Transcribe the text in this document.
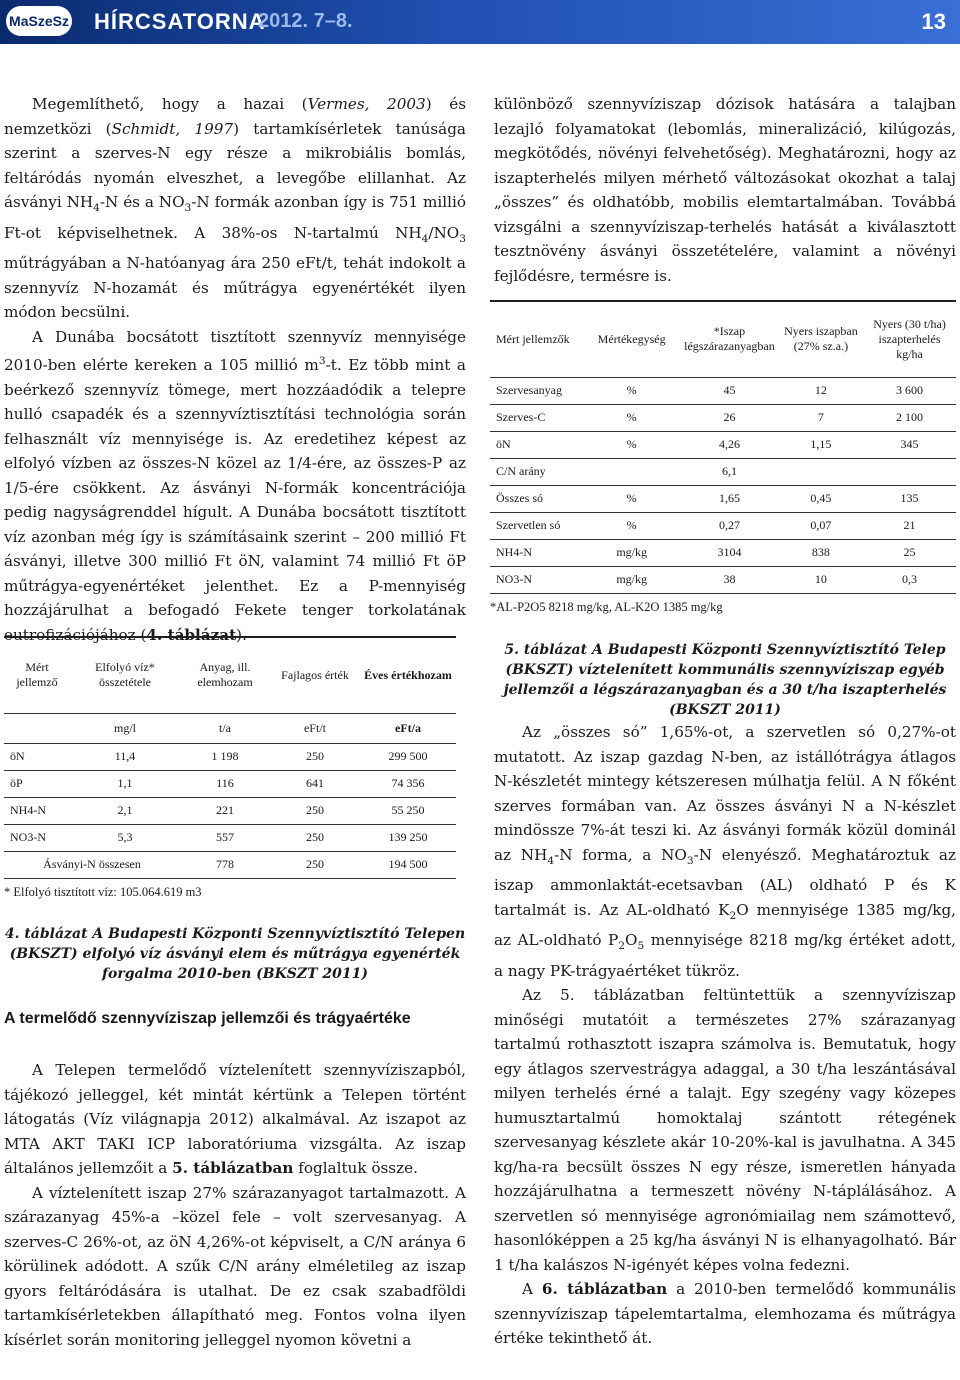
MaSzeSz HÍRCSATORNA
2012. 7–8.	13

Megemlíthető, hogy a hazai (Vermes, 2003) és nemzetközi (Schmidt, 1997) tartamkísérletek tanúsága szerint a szerves-N egy része a mikrobiális bomlás, feltáródás nyomán elveszhet, a levegőbe elillanhat. Az ásványi $NH_4-N$ és a $NO_3-N$ formák azonban így is 751 millió Ft-ot képviselhetnek. A 38%-os N-tartalmú $NH_4/NO_3$ műtrágyában a N-hatóanyag ára 250 eFt/t, tehát indokolt a szennyvíz N-hozamát és műtrágya egyenértékét ilyen módon becsülni.

A Dunába bocsátott tisztított szennyvíz mennyisége 2010-ben elérte kereken a 105 millió $m^3-t$. Ez több mint a beérkező szennyvíz tömege, mert hozzáadódik a telepre hulló csapadék és a szennyvíztisztítási technológia során felhasznált víz mennyisége is. Az eredetihez képest az elfolyó vízben az összes-N közel az 1/4-ére, az összes-P az 1/5-ére csökkent. Az ásványi N-formák koncentrációja pedig nagyságrenddel hígult. A Dunába bocsátott tisztított víz azonban még így is számításaink szerint – 200 millió Ft ásványi, illetve 300 millió Ft öN, valamint 74 millió Ft öP műtrágya-egyenértéket jelenthet. Ez a P-mennyiség hozzájárulhat a befogadó Fekete tenger torkolatának eutrofizációjához (4. táblázat).

különböző szennyvíziszap dózisok hatására a talajban lezajló folyamatokat (lebomlás, mineralizáció, kilúgozás, megkötődés, növényi felvehetőség). Meghatározni, hogy az iszapterhelés milyen mérhető változásokat okozhat a talaj „összes” és oldhatóbb, mobilis elemtartalmában. Továbbá vizsgálni a szennyvíziszap-terhelés hatását a kiválasztott tesztnövény ásványi összetételére, valamint a növényi fejlődésre, termésre is.

Mért jellemzők	Mértékegység	*Iszap légszárazanyagban	Nyers iszapban (27% sz.a.)	Nyers (30 t/ha) iszapterhelés kg/ha
Szervesanyag	%	45	12	3 600
Szerves-C	%	26	7	2 100
öN	%	4,26	1,15	345
C/N arány		6,1		
Összes só	%	1,65	0,45	135
Szervetlen só	%	0,27	0,07	21
NH4-N	mg/kg	3104	838	25
NO3-N	mg/kg	38	10	0,3
*AL-P2O5 8218 mg/kg, AL-K2O 1385 mg/kg
5. táblázat A Budapesti Központi Szennyvíztisztító Telep (BKSZT) víztelenített kommunális szennyvíziszap egyéb jellemzői a légszárazanyagban és a 30 t/ha iszapterhelés (BKSZT 2011)

Az „összes só” 1,65%-ot, a szervetlen só 0,27%-ot mutatott. Az iszap gazdag N-ben, az istállótrágya átlagos N-készletét mintegy kétszeresen múlhatja felül. A N főként szerves formában van. Az összes ásványi N a N-készlet mindössze 7%-át teszi ki. Az ásványi formák közül dominál az $NH_4-N$ forma, a $NO_3-N$ elenyésző. Meghatároztuk az iszap ammonlaktát-ecetsavban (AL) oldható P és K tartalmát is. Az AL-oldható $K_2O$ mennyisége 1385 mg/kg, az AL-oldható $P_2O_5$ mennyisége 8218 mg/kg értéket adott, a nagy PK-trágyaértéket tükröz.

Az 5. táblázatban feltüntettük a szennyvíziszap minőségi mutatóit a természetes 27% szárazanyag tartalmú rothasztott iszapra számolva is. Bemutatuk, hogy egy átlagos szervestrágya adaggal, a 30 t/ha leszántásával milyen terhelés érné a talajt. Egy szegény vagy közepes humusztartalmú homoktalaj szántott rétegének szervesanyag készlete akár 10-20%-kal is javulhatna. A 345 kg/ha-ra becsült összes N egy része, ismeretlen hányada hozzájárulhatna a termeszett növény N-táplálásához. A szervetlen só mennyisége agronómiailag nem számottevő, hasonlóképpen a 25 kg/ha ásványi N is elhanyagolható. Bár 1 t/ha kalászos N-igényét képes volna fedezni.

A 6. táblázatban a 2010-ben termelődő kommunális szennyvíziszap tápelemtartalma, elemhozama és műtrágya értéke tekinthető át.

Mért jellemző	Elfolyó víz* összetétele	Anyag, ill. elemhozam	Fajlagos érték	Éves értékhozam
	mg/l	t/a	eFt/t	eFt/a
öN	11,4	1 198	250	299 500
öP	1,1	116	641	74 356
NH4-N	2,1	221	250	55 250
NO3-N	5,3	557	250	139 250
Ásványi-N összesen		778	250	194 500
* Elfolyó tisztított víz: 105.064.619 m3
4. táblázat A Budapesti Központi Szennyvíztisztító Telepen (BKSZT) elfolyó víz ásványi elem és műtrágya egyenérték forgalma 2010-ben (BKSZT 2011)
A termelődő szennyvíziszap jellemzői és trágyaértéke

A Telepen termelődő víztelenített szennyvíziszapból, tájékozó jelleggel, két mintát kértünk a Telepen történt látogatás (Víz világnapja 2012) alkalmával. Az iszapot az MTA AKT TAKI ICP laboratóriuma vizsgálta. Az iszap általános jellemzőit a 5. táblázatban foglaltuk össze.

A víztelenített iszap 27% szárazanyagot tartalmazott. A szárazanyag 45%-a –közel fele – volt szervesanyag. A szerves-C 26%-ot, az öN 4,26%-ot képviselt, a C/N aránya 6 körülinek adódott. A szűk C/N arány elméletileg az iszap gyors feltáródására is utalhat. De ez csak szabadföldi tartamkísérletekben állapítható meg. Fontos volna ilyen kísérlet során monitoring jelleggel nyomon követni a
